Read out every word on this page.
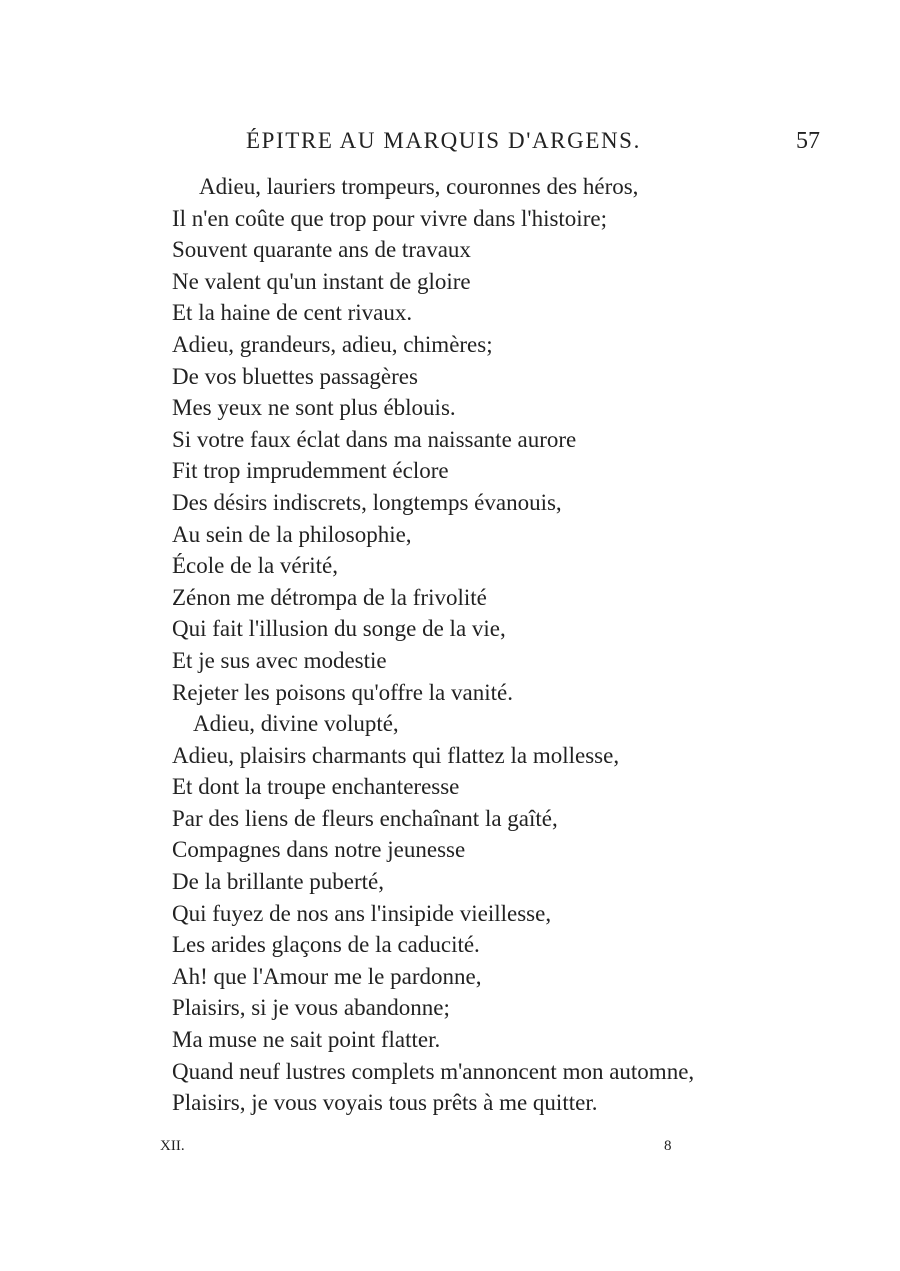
ÉPITRE AU MARQUIS D'ARGENS.	57
Adieu, lauriers trompeurs, couronnes des héros,
Il n'en coûte que trop pour vivre dans l'histoire;
Souvent quarante ans de travaux
Ne valent qu'un instant de gloire
Et la haine de cent rivaux.
Adieu, grandeurs, adieu, chimères;
De vos bluettes passagères
Mes yeux ne sont plus éblouis.
Si votre faux éclat dans ma naissante aurore
Fit trop imprudemment éclore
Des désirs indiscrets, longtemps évanouis,
Au sein de la philosophie,
École de la vérité,
Zénon me détrompa de la frivolité
Qui fait l'illusion du songe de la vie,
Et je sus avec modestie
Rejeter les poisons qu'offre la vanité.
Adieu, divine volupté,
Adieu, plaisirs charmants qui flattez la mollesse,
Et dont la troupe enchanteresse
Par des liens de fleurs enchaînant la gaîté,
Compagnes dans notre jeunesse
De la brillante puberté,
Qui fuyez de nos ans l'insipide vieillesse,
Les arides glaçons de la caducité.
Ah! que l'Amour me le pardonne,
Plaisirs, si je vous abandonne;
Ma muse ne sait point flatter.
Quand neuf lustres complets m'annoncent mon automne,
Plaisirs, je vous voyais tous prêts à me quitter.
XII.	8
